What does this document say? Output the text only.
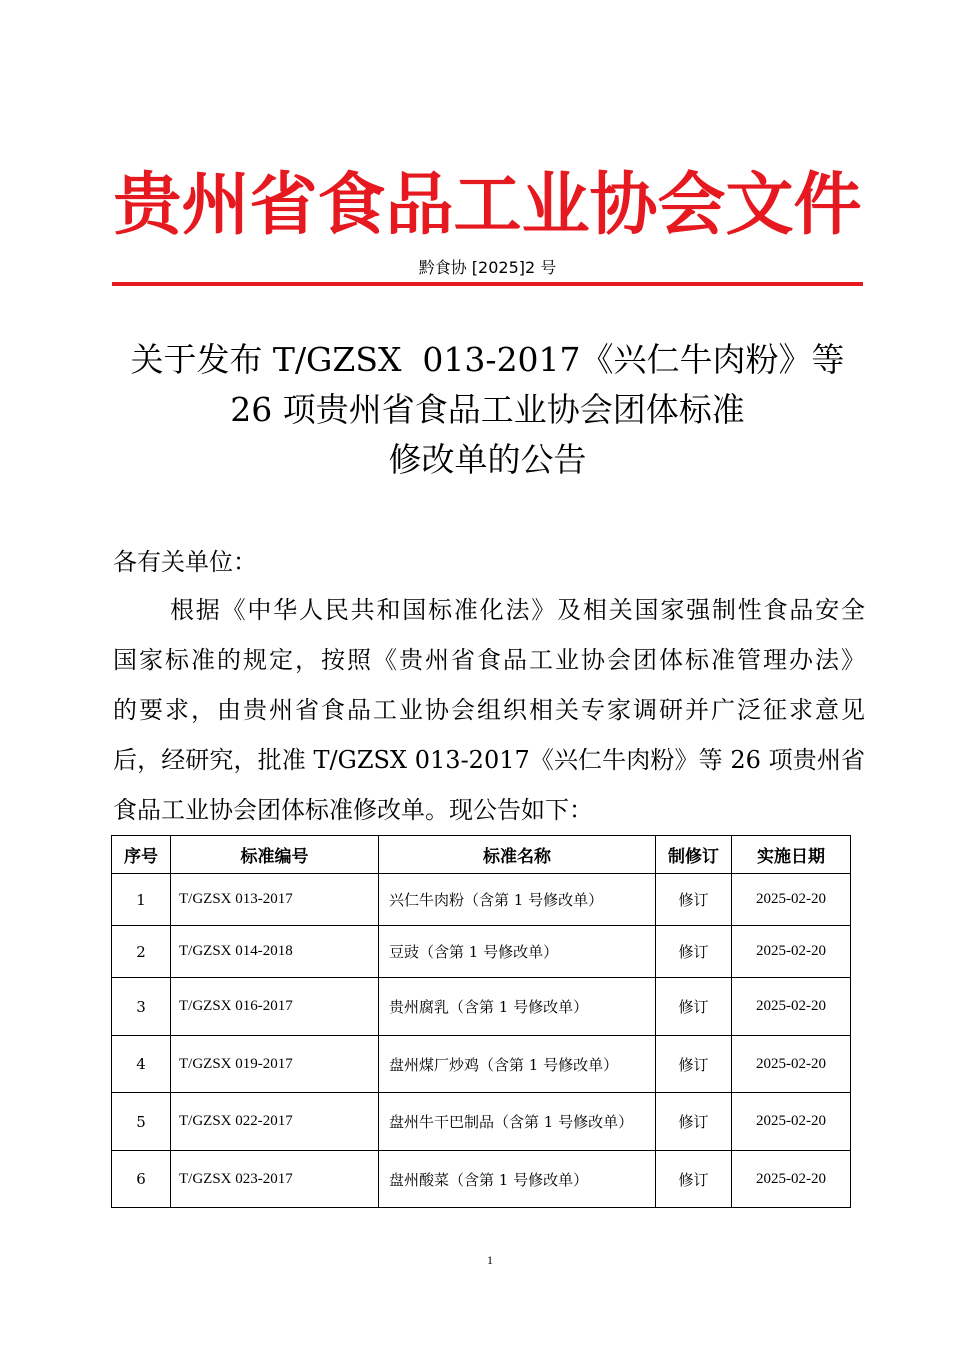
贵州省食品工业协会文件
黔食协 [2025]2 号
关于发布 T/GZSX  013-2017《兴仁牛肉粉》等
26 项贵州省食品工业协会团体标准
修改单的公告
各有关单位：
根据《中华人民共和国标准化法》及相关国家强制性食品安全
国家标准的规定，按照《贵州省食品工业协会团体标准管理办法》
的要求，由贵州省食品工业协会组织相关专家调研并广泛征求意见
后，经研究，批准 T/GZSX 013-2017《兴仁牛肉粉》等 26 项贵州省
食品工业协会团体标准修改单。现公告如下：
序号	标准编号	标准名称	制修订	实施日期
1	T/GZSX 013-2017	兴仁牛肉粉（含第 1 号修改单）	修订	2025-02-20
2	T/GZSX 014-2018	豆豉（含第 1 号修改单）	修订	2025-02-20
3	T/GZSX 016-2017	贵州腐乳（含第 1 号修改单）	修订	2025-02-20
4	T/GZSX 019-2017	盘州煤厂炒鸡（含第 1 号修改单）	修订	2025-02-20
5	T/GZSX 022-2017	盘州牛干巴制品（含第 1 号修改单）	修订	2025-02-20
6	T/GZSX 023-2017	盘州酸菜（含第 1 号修改单）	修订	2025-02-20
1
